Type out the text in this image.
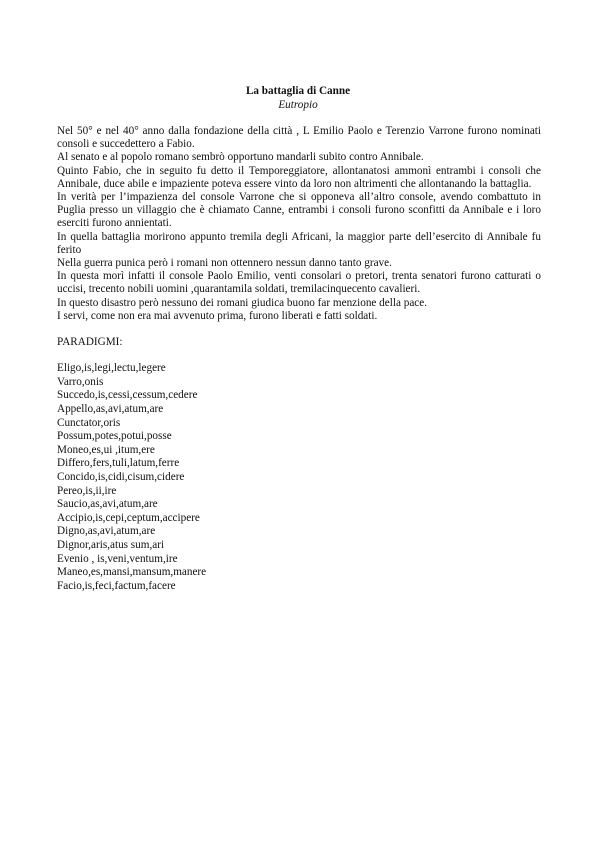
La battaglia di Canne
Eutropio

Nel 50° e nel 40° anno dalla fondazione della città , L Emilio Paolo e Terenzio Varrone furono nominati consoli e succedettero a Fabio.

Al senato e al popolo romano sembrò opportuno mandarli subito contro Annibale.

Quinto Fabio, che in seguito fu detto il Temporeggiatore, allontanatosi ammonì entrambi i consoli che Annibale, duce abile e impaziente poteva essere vinto da loro non altrimenti che allontanando la battaglia.

In verità per l’impazienza del console Varrone che si opponeva all’altro console, avendo combattuto in Puglia presso un villaggio che è chiamato Canne, entrambi i consoli furono sconfitti da Annibale e i loro eserciti furono annientati.

In quella battaglia morirono appunto tremila degli Africani, la maggior parte dell’esercito di Annibale fu ferito

Nella guerra punica però i romani non ottennero nessun danno tanto grave.

In questa morì infatti il console Paolo Emilio, venti consolari o pretori, trenta senatori furono catturati o uccisi, trecento nobili uomini ,quarantamila soldati, tremilacinquecento cavalieri.

In questo disastro però nessuno dei romani giudica buono far menzione della pace.

I servi, come non era mai avvenuto prima, furono liberati e fatti soldati.

PARADIGMI:

Eligo,is,legi,lectu,legere
Varro,onis
Succedo,is,cessi,cessum,cedere
Appello,as,avi,atum,are
Cunctator,oris
Possum,potes,potui,posse
Moneo,es,ui ,itum,ere
Differo,fers,tuli,latum,ferre
Concido,is,cidi,cisum,cidere
Pereo,is,ii,ire
Saucio,as,avi,atum,are
Accipio,is,cepi,ceptum,accipere
Digno,as,avi,atum,are
Dignor,aris,atus sum,ari
Evenio , is,veni,ventum,ire
Maneo,es,mansi,mansum,manere
Facio,is,feci,factum,facere
